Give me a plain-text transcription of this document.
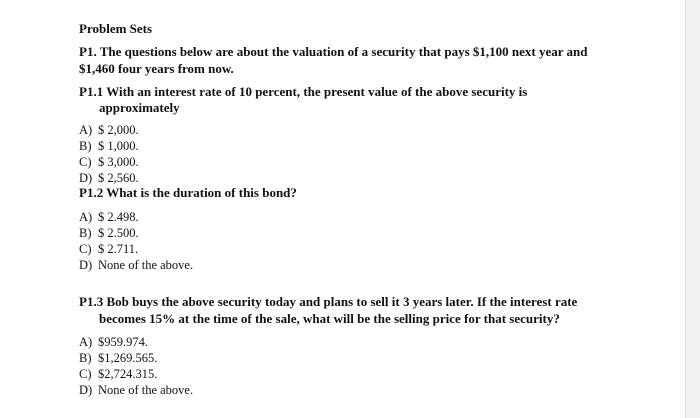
Problem Sets
P1. The questions below are about the valuation of a security that pays $1,100 next year and
$1,460 four years from now.
P1.1 With an interest rate of 10 percent, the present value of the above security is
approximately
A) $ 2,000.
B) $ 1,000.
C) $ 3,000.
D) $ 2,560.
P1.2 What is the duration of this bond?
A) $ 2.498.
B) $ 2.500.
C) $ 2.711.
D) None of the above.
P1.3 Bob buys the above security today and plans to sell it 3 years later. If the interest rate
becomes 15% at the time of the sale, what will be the selling price for that security?
A) $959.974.
B) $1,269.565.
C) $2,724.315.
D) None of the above.
